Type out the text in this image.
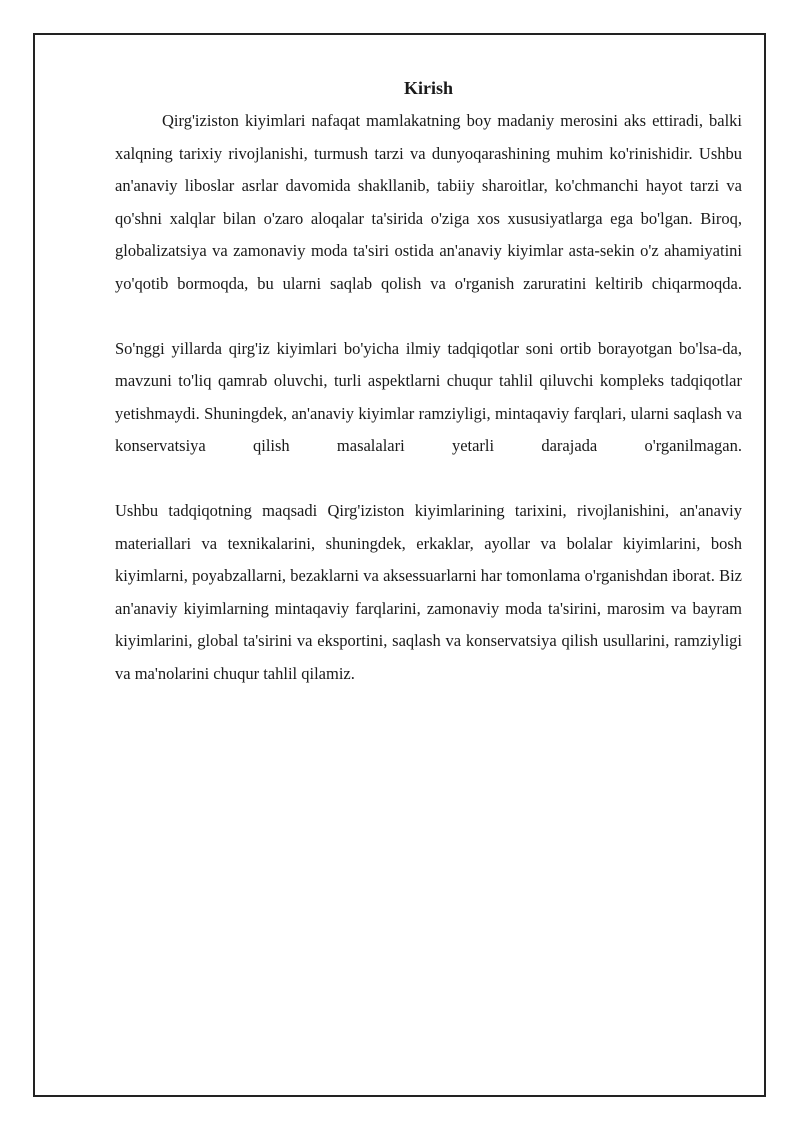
Kirish

Qirg'iziston kiyimlari nafaqat mamlakatning boy madaniy merosini aks ettiradi, balki xalqning tarixiy rivojlanishi, turmush tarzi va dunyoqarashining muhim ko'rinishidir. Ushbu an'anaviy liboslar asrlar davomida shakllanib, tabiiy sharoitlar, ko'chmanchi hayot tarzi va qo'shni xalqlar bilan o'zaro aloqalar ta'sirida o'ziga xos xususiyatlarga ega bo'lgan. Biroq, globalizatsiya va zamonaviy moda ta'siri ostida an'anaviy kiyimlar asta-sekin o'z ahamiyatini yo'qotib bormoqda, bu ularni saqlab qolish va o'rganish zaruratini keltirib chiqarmoqda.

So'nggi yillarda qirg'iz kiyimlari bo'yicha ilmiy tadqiqotlar soni ortib borayotgan bo'lsa-da, mavzuni to'liq qamrab oluvchi, turli aspektlarni chuqur tahlil qiluvchi kompleks tadqiqotlar yetishmaydi. Shuningdek, an'anaviy kiyimlar ramziyligi, mintaqaviy farqlari, ularni saqlash va konservatsiya qilish masalalari yetarli darajada o'rganilmagan.

Ushbu tadqiqotning maqsadi Qirg'iziston kiyimlarining tarixini, rivojlanishini, an'anaviy materiallari va texnikalarini, shuningdek, erkaklar, ayollar va bolalar kiyimlarini, bosh kiyimlarni, poyabzallarni, bezaklarni va aksessuarlarni har tomonlama o'rganishdan iborat. Biz an'anaviy kiyimlarning mintaqaviy farqlarini, zamonaviy moda ta'sirini, marosim va bayram kiyimlarini, global ta'sirini va eksportini, saqlash va konservatsiya qilish usullarini, ramziyligi va ma'nolarini chuqur tahlil qilamiz.
